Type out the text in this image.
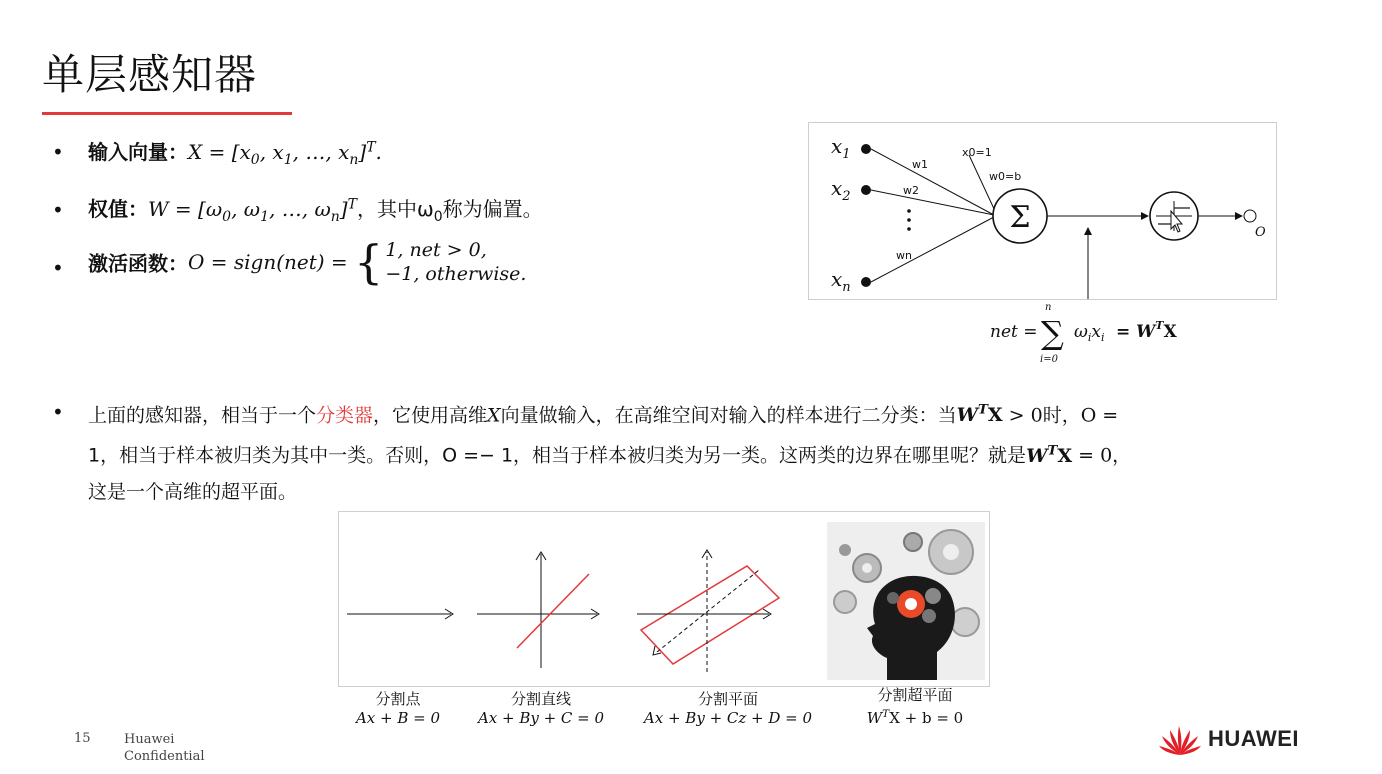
单层感知器
• 输入向量：$X = [x_0$, $x_1$, …, $x_n]^T$.
• 权值：$W = [\omega_0$, $\omega_1$, …, $\omega_n]^T$，其中$\omega_0$称为偏置。
• 激活函数：O = sign(net) = { 1, net > 0,
−1, otherwise.
$x_1$
$x_2$
$x_n$
w1
w2
wn
x0=1
w0=b
Σ	O
net =
n
∑
i=0
$\omega_ix_i = W^TX$
• 上面的感知器，相当于一个分类器，它使用高维X向量做输入，在高维空间对输入的样本进行二分类：当$W^TX > 0$时，O =
1，相当于样本被归类为其中一类。否则，O =− 1，相当于样本被归类为另一类。这两类的边界在哪里呢？就是$W^TX = 0$，
这是一个高维的超平面。
分割点
Ax + B = 0
分割直线
Ax + By + C = 0
分割平面
Ax + By + Cz + D = 0
分割超平面
$W^TX + b = 0$
15	Huawei
Confidential
HUAWEI
